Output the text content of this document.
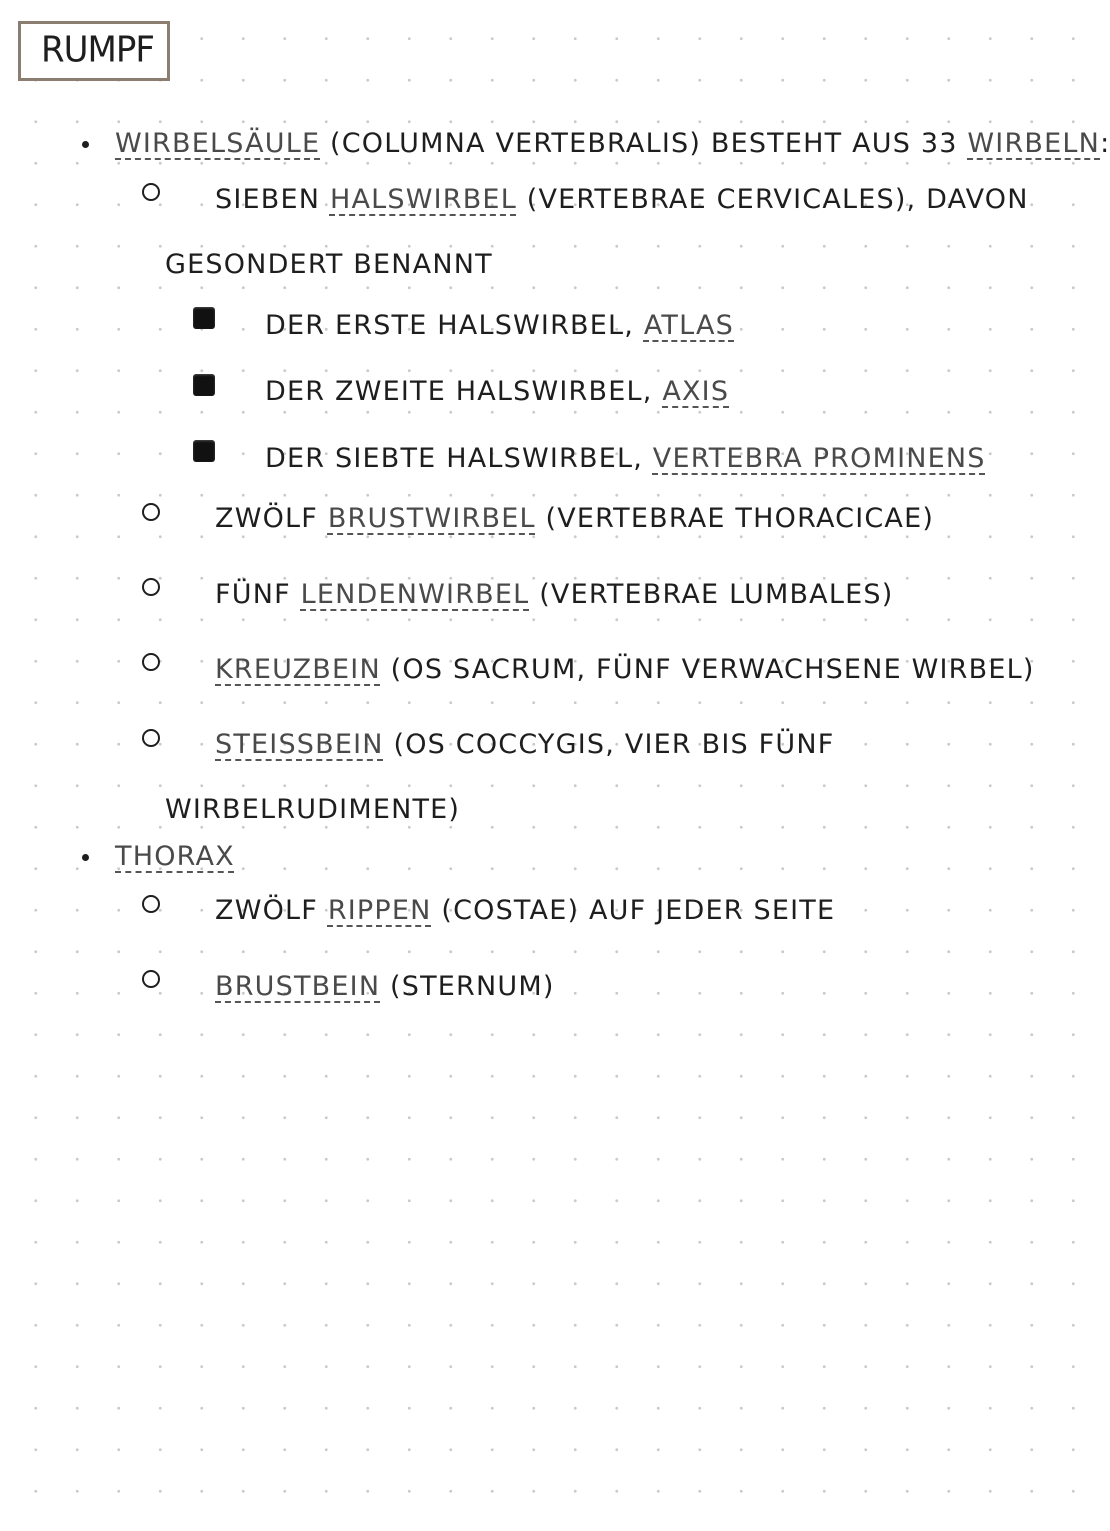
RUMPF
WIRBELSÄULE (COLUMNA VERTEBRALIS) BESTEHT AUS 33 WIRBELN:
SIEBEN HALSWIRBEL (VERTEBRAE CERVICALES), DAVON
GESONDERT BENANNT
DER ERSTE HALSWIRBEL, ATLAS
DER ZWEITE HALSWIRBEL, AXIS
DER SIEBTE HALSWIRBEL, VERTEBRA PROMINENS
ZWÖLF BRUSTWIRBEL (VERTEBRAE THORACICAE)
FÜNF LENDENWIRBEL (VERTEBRAE LUMBALES)
KREUZBEIN (OS SACRUM, FÜNF VERWACHSENE WIRBEL)
STEISSBEIN (OS COCCYGIS, VIER BIS FÜNF
WIRBELRUDIMENTE)
THORAX
ZWÖLF RIPPEN (COSTAE) AUF JEDER SEITE
BRUSTBEIN (STERNUM)
